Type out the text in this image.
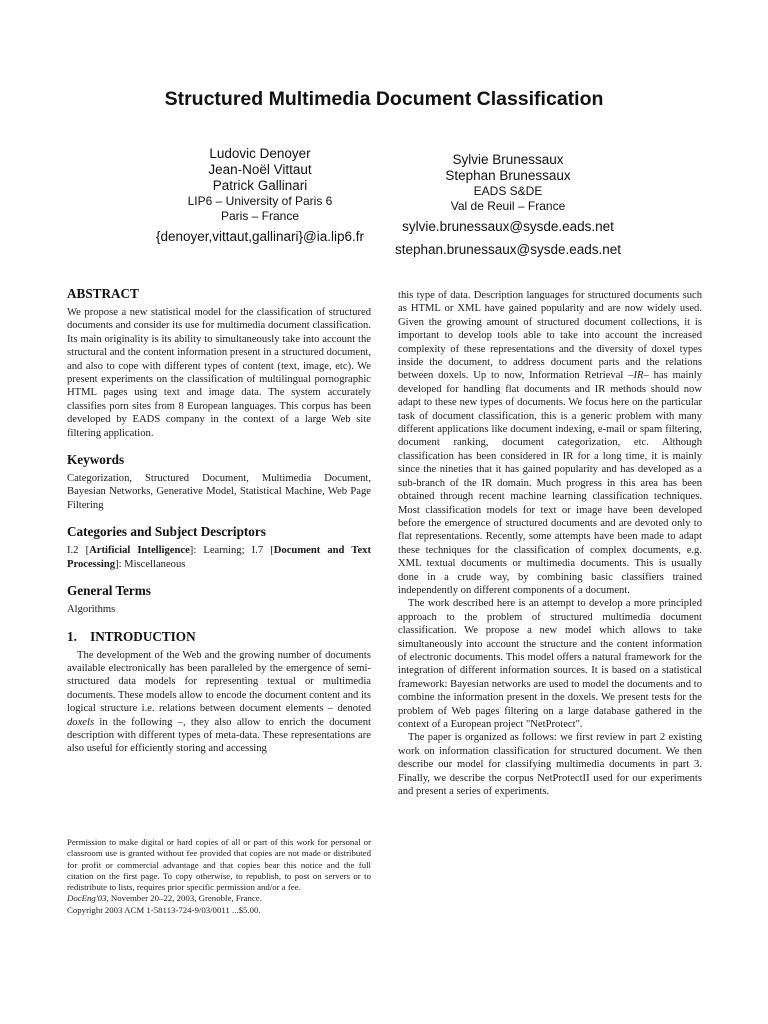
Structured Multimedia Document Classification
Ludovic Denoyer
Jean-Noël Vittaut
Patrick Gallinari
LIP6 – University of Paris 6
Paris – France
{denoyer,vittaut,gallinari}@ia.lip6.fr
Sylvie Brunessaux
Stephan Brunessaux
EADS S&DE
Val de Reuil – France
sylvie.brunessaux@sysde.eads.net
stephan.brunessaux@sysde.eads.net
ABSTRACT

We propose a new statistical model for the classification of structured documents and consider its use for multimedia document classification. Its main originality is its ability to simultaneously take into account the structural and the content information present in a structured document, and also to cope with different types of content (text, image, etc). We present experiments on the classification of multilingual pornographic HTML pages using text and image data. The system accurately classifies porn sites from 8 European languages. This corpus has been developed by EADS company in the context of a large Web site filtering application.

Keywords

Categorization, Structured Document, Multimedia Document, Bayesian Networks, Generative Model, Statistical Machine, Web Page Filtering

Categories and Subject Descriptors

I.2 [Artificial Intelligence]: Learning; I.7 [Document and Text Processing]: Miscellaneous

General Terms

Algorithms

1.    INTRODUCTION

The development of the Web and the growing number of documents available electronically has been paralleled by the emergence of semi-structured data models for representing textual or multimedia documents. These models allow to encode the document content and its logical structure i.e. relations between document elements – denoted doxels in the following –, they also allow to enrich the document description with different types of meta-data. These representations are also useful for efficiently storing and accessing

this type of data. Description languages for structured documents such as HTML or XML have gained popularity and are now widely used. Given the growing amount of structured document collections, it is important to develop tools able to take into account the increased complexity of these representations and the diversity of doxel types inside the document, to address document parts and the relations between doxels. Up to now, Information Retrieval –IR– has mainly developed for handling flat documents and IR methods should now adapt to these new types of documents. We focus here on the particular task of document classification, this is a generic problem with many different applications like document indexing, e-mail or spam filtering, document ranking, document categorization, etc. Although classification has been considered in IR for a long time, it is mainly since the nineties that it has gained popularity and has developed as a sub-branch of the IR domain. Much progress in this area has been obtained through recent machine learning classification techniques. Most classification models for text or image have been developed before the emergence of structured documents and are devoted only to flat representations. Recently, some attempts have been made to adapt these techniques for the classification of complex documents, e.g. XML textual documents or multimedia documents. This is usually done in a crude way, by combining basic classifiers trained independently on different components of a document.

The work described here is an attempt to develop a more principled approach to the problem of structured multimedia document classification. We propose a new model which allows to take simultaneously into account the structure and the content information of electronic documents. This model offers a natural framework for the integration of different information sources. It is based on a statistical framework: Bayesian networks are used to model the documents and to combine the information present in the doxels. We present tests for the problem of Web pages filtering on a large database gathered in the context of a European project "NetProtect".

The paper is organized as follows: we first review in part 2 existing work on information classification for structured document. We then describe our model for classifying multimedia documents in part 3. Finally, we describe the corpus NetProtectII used for our experiments and present a series of experiments.

Permission to make digital or hard copies of all or part of this work for personal or classroom use is granted without fee provided that copies are not made or distributed for profit or commercial advantage and that copies bear this notice and the full citation on the first page. To copy otherwise, to republish, to post on servers or to redistribute to lists, requires prior specific permission and/or a fee.

DocEng'03, November 20–22, 2003, Grenoble, France.

Copyright 2003 ACM 1-58113-724-9/03/0011 ...$5.00.
